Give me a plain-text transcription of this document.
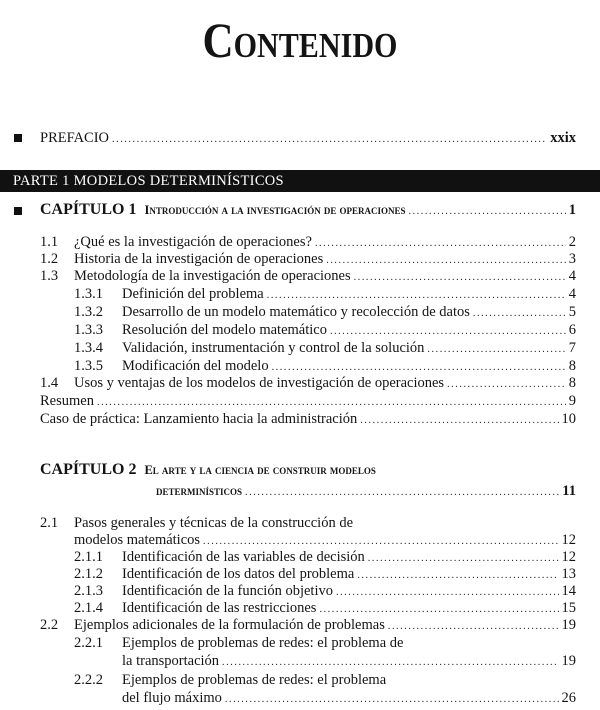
Contenido
PREFACIO .....	xxix
PARTE 1 MODELOS DETERMINÍSTICOS
CAPÍTULO 1 Introducción a la investigación de operaciones .....	1
1.1	¿Qué es la investigación de operaciones? .....	2
1.2	Historia de la investigación de operaciones .....	3
1.3	Metodología de la investigación de operaciones .....	4
1.3.1	Definición del problema .....	4
1.3.2	Desarrollo de un modelo matemático y recolección de datos .....	5
1.3.3	Resolución del modelo matemático .....	6
1.3.4	Validación, instrumentación y control de la solución .....	7
1.3.5	Modificación del modelo .....	8
1.4	Usos y ventajas de los modelos de investigación de operaciones .....	8
Resumen .....	9
Caso de práctica: Lanzamiento hacia la administración .....	10
CAPÍTULO 2 El arte y la ciencia de construir modelos
determinísticos .....	11
2.1	Pasos generales y técnicas de la construcción de
modelos matemáticos .....	12
2.1.1	Identificación de las variables de decisión .....	12
2.1.2	Identificación de los datos del problema .....	13
2.1.3	Identificación de la función objetivo .....	14
2.1.4	Identificación de las restricciones .....	15
2.2	Ejemplos adicionales de la formulación de problemas .....	19
2.2.1	Ejemplos de problemas de redes: el problema de
la transportación .....	19
2.2.2	Ejemplos de problemas de redes: el problema
del flujo máximo .....	26
